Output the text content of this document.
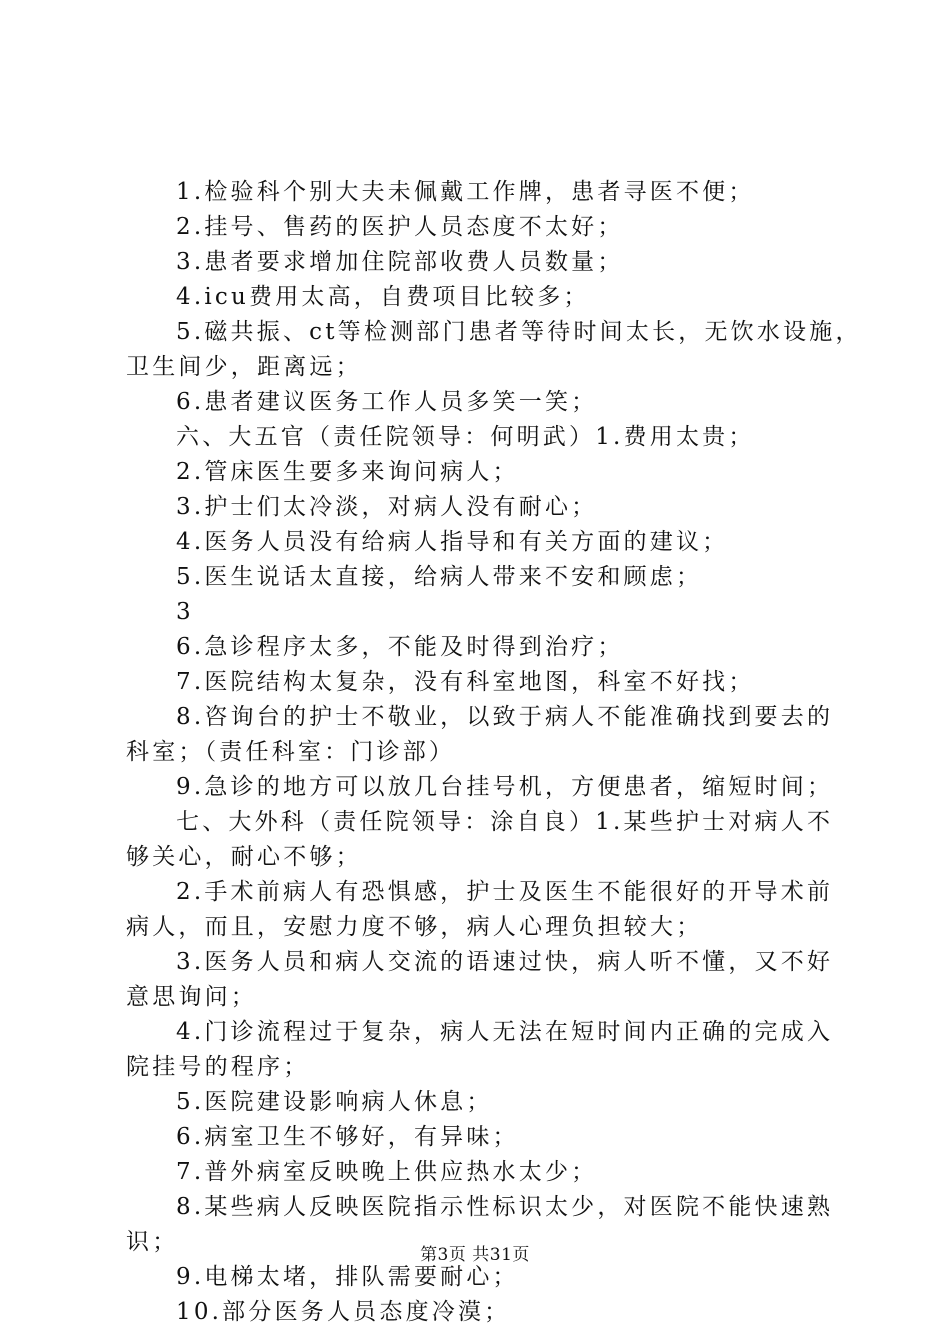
1.检验科个别大夫未佩戴工作牌，患者寻医不便；
2.挂号、售药的医护人员态度不太好；
3.患者要求增加住院部收费人员数量；
4.icu费用太高，自费项目比较多；
5.磁共振、ct等检测部门患者等待时间太长，无饮水设施，
卫生间少，距离远；
6.患者建议医务工作人员多笑一笑；
六、大五官（责任院领导：何明武）1.费用太贵；
2.管床医生要多来询问病人；
3.护士们太冷淡，对病人没有耐心；
4.医务人员没有给病人指导和有关方面的建议；
5.医生说话太直接，给病人带来不安和顾虑；
3
6.急诊程序太多，不能及时得到治疗；
7.医院结构太复杂，没有科室地图，科室不好找；
8.咨询台的护士不敬业，以致于病人不能准确找到要去的
科室；（责任科室：门诊部）
9.急诊的地方可以放几台挂号机，方便患者，缩短时间；
七、大外科（责任院领导：涂自良）1.某些护士对病人不
够关心，耐心不够；
2.手术前病人有恐惧感，护士及医生不能很好的开导术前
病人，而且，安慰力度不够，病人心理负担较大；
3.医务人员和病人交流的语速过快，病人听不懂，又不好
意思询问；
4.门诊流程过于复杂，病人无法在短时间内正确的完成入
院挂号的程序；
5.医院建设影响病人休息；
6.病室卫生不够好，有异味；
7.普外病室反映晚上供应热水太少；
8.某些病人反映医院指示性标识太少，对医院不能快速熟
识；
9.电梯太堵，排队需要耐心；
10.部分医务人员态度冷漠；
第3页 共31页
